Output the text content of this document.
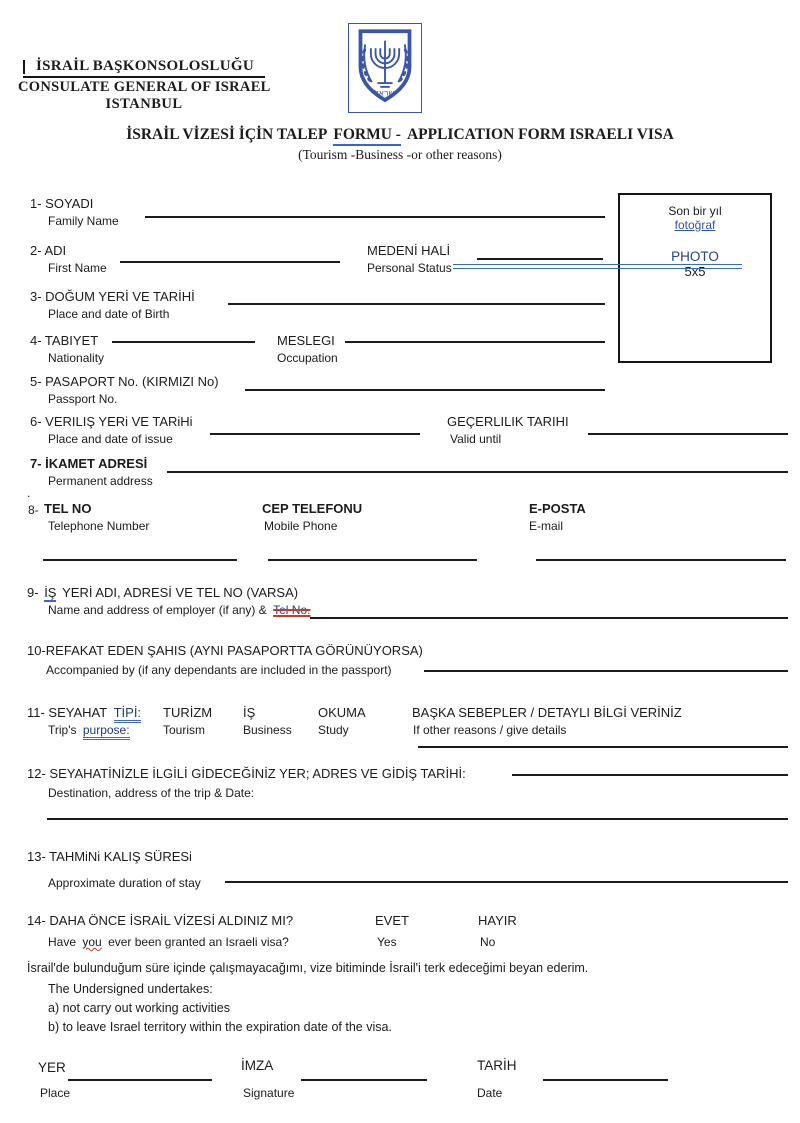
İSRAİL BAŞKONSOLOSLUĞU
CONSULATE GENERAL OF ISRAEL
ISTANBUL
ישראל
İSRAİL VİZESİ İÇİN TALEP FORMU - APPLICATION FORM ISRAELI VISA
(Tourism -Business -or other reasons)
Son bir yıl
fotoğraf
PHOTO
5x5
1- SOYADI
Family Name
2- ADI
First Name
MEDENİ HALİ
Personal Status
3- DOĞUM YERİ VE TARİHİ
Place and date of Birth
4- TABIYET
Nationality
MESLEGI
Occupation
5- PASAPORT No. (KIRMIZI No)
Passport No.
6- VERILIŞ YERi VE TARiHi
Place and date of issue
GEÇERLILIK TARIHI
Valid until
7- İKAMET ADRESİ
Permanent address
.
8- TEL NO
Telephone Number
CEP TELEFONU
Mobile Phone
E-POSTA
E-mail
9- İŞ YERİ ADI, ADRESİ VE TEL NO (VARSA)
Name and address of employer (if any) & Tel No.
10-REFAKAT EDEN ŞAHIS (AYNI PASAPORTTA GÖRÜNÜYORSA)
Accompanied by (if any dependants are included in the passport)
11- SEYAHAT TİPİ:
Trip's purpose:
TURİZM
Tourism
İŞ
Business
OKUMA
Study
BAŞKA SEBEPLER / DETAYLI BİLGİ VERİNİZ
If other reasons / give details
12- SEYAHATİNİZLE İLGİLİ GİDECEĞİNİZ YER; ADRES VE GİDİŞ TARİHİ:
Destination, address of the trip & Date:
13- TAHMiNi KALIŞ SÜRESi
Approximate duration of stay
14- DAHA ÖNCE İSRAİL VİZESİ ALDINIZ MI?	EVET	HAYIR
Have you ever been granted an Israeli visa?	Yes	No
İsrail'de bulunduğum süre içinde çalışmayacağımı, vize bitiminde İsrail'i terk edeceğimi beyan ederim.
The Undersigned undertakes:
a) not carry out working activities
b) to leave Israel territory within the expiration date of the visa.
YER
Place
İMZA
Signature
TARİH
Date
